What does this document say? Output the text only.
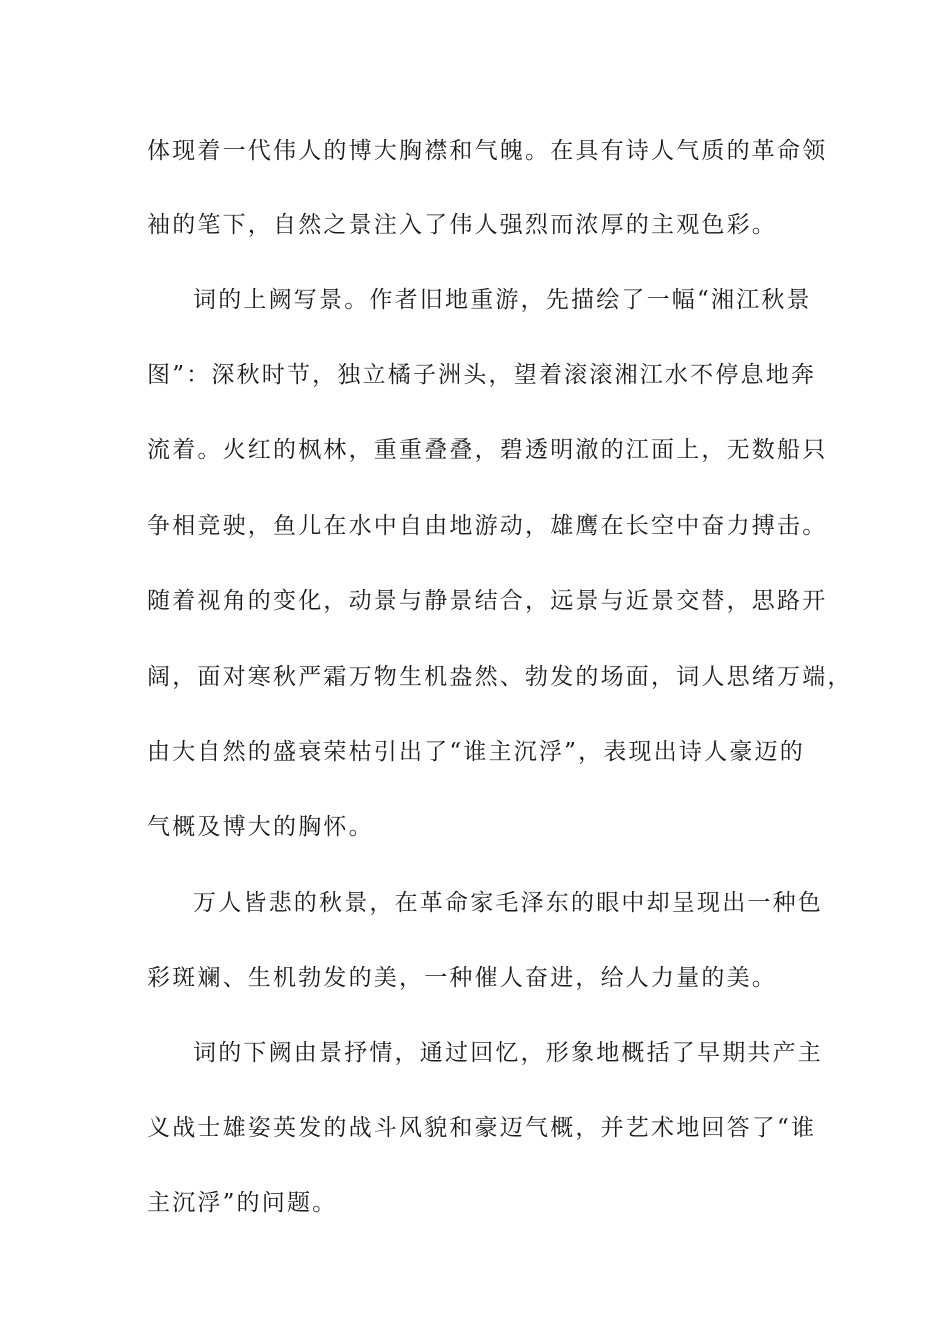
体现着一代伟人的博大胸襟和气魄。在具有诗人气质的革命领

袖的笔下，自然之景注入了伟人强烈而浓厚的主观色彩。

词的上阙写景。作者旧地重游，先描绘了一幅“湘江秋景

图”：深秋时节，独立橘子洲头，望着滚滚湘江水不停息地奔

流着。火红的枫林，重重叠叠，碧透明澈的江面上，无数船只

争相竞驶，鱼儿在水中自由地游动，雄鹰在长空中奋力搏击。

随着视角的变化，动景与静景结合，远景与近景交替，思路开

阔，面对寒秋严霜万物生机盎然、勃发的场面，词人思绪万端，

由大自然的盛衰荣枯引出了“谁主沉浮”，表现出诗人豪迈的

气概及博大的胸怀。

万人皆悲的秋景，在革命家毛泽东的眼中却呈现出一种色

彩斑斓、生机勃发的美，一种催人奋进，给人力量的美。

词的下阙由景抒情，通过回忆，形象地概括了早期共产主

义战士雄姿英发的战斗风貌和豪迈气概，并艺术地回答了“谁

主沉浮”的问题。
